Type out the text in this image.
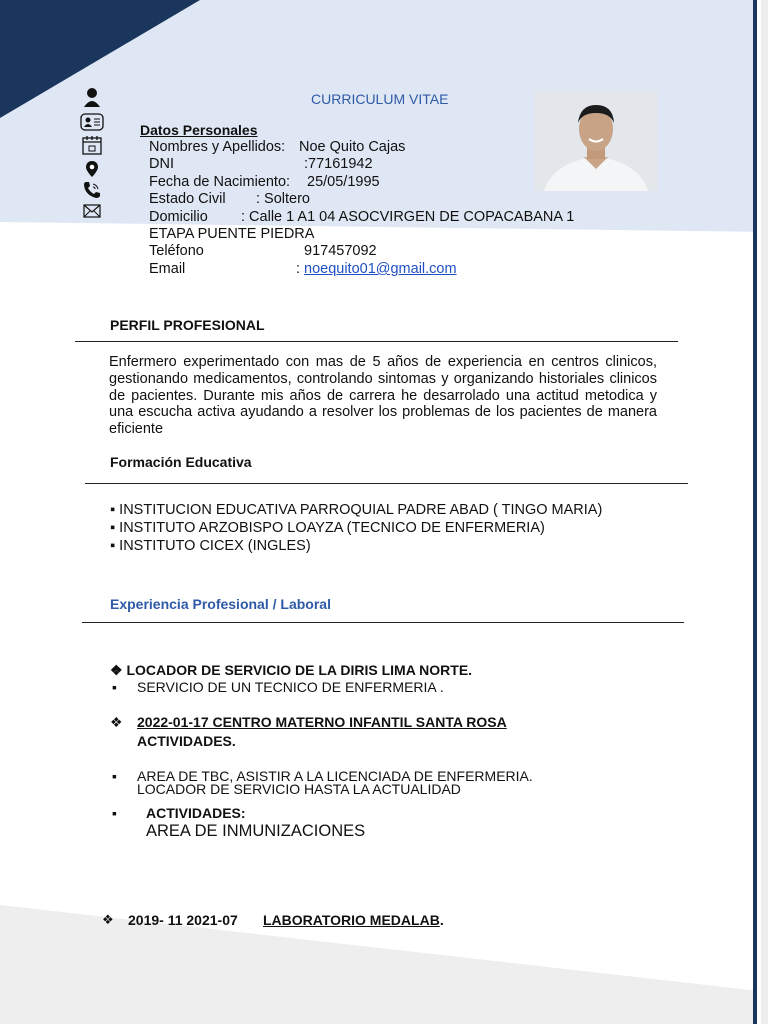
CURRICULUM VITAE
Datos Personales
Nombres y Apellidos: Noe Quito Cajas
DNI	:77161942
Fecha de Nacimiento: 25/05/1995
Estado Civil : Soltero
Domicilio : Calle 1 A1 04 ASOCVIRGEN DE COPACABANA 1
ETAPA PUENTE PIEDRA
Teléfono	917457092
Email	: noequito01@gmail.com
PERFIL PROFESIONAL
Enfermero experimentado con mas de 5 años de experiencia en centros clinicos, gestionando medicamentos, controlando sintomas y organizando historiales clinicos de pacientes. Durante mis años de carrera he desarrolado una actitud metodica y una escucha activa ayudando a resolver los problemas de los pacientes de manera eficiente
Formación Educativa
▪ INSTITUCION EDUCATIVA PARROQUIAL PADRE ABAD ( TINGO MARIA)
▪ INSTITUTO ARZOBISPO LOAYZA (TECNICO DE ENFERMERIA)
▪ INSTITUTO CICEX (INGLES)
Experiencia Profesional / Laboral
❖ LOCADOR DE SERVICIO DE LA DIRIS LIMA NORTE.
▪ SERVICIO DE UN TECNICO DE ENFERMERIA .
❖ 2022-01-17 CENTRO MATERNO INFANTIL SANTA ROSA
ACTIVIDADES.
▪ AREA DE TBC, ASISTIR A LA LICENCIADA DE ENFERMERIA.
LOCADOR DE SERVICIO HASTA LA ACTUALIDAD
▪ ACTIVIDADES:
AREA DE INMUNIZACIONES
❖ 2019- 11 2021-07 LABORATORIO MEDALAB.
